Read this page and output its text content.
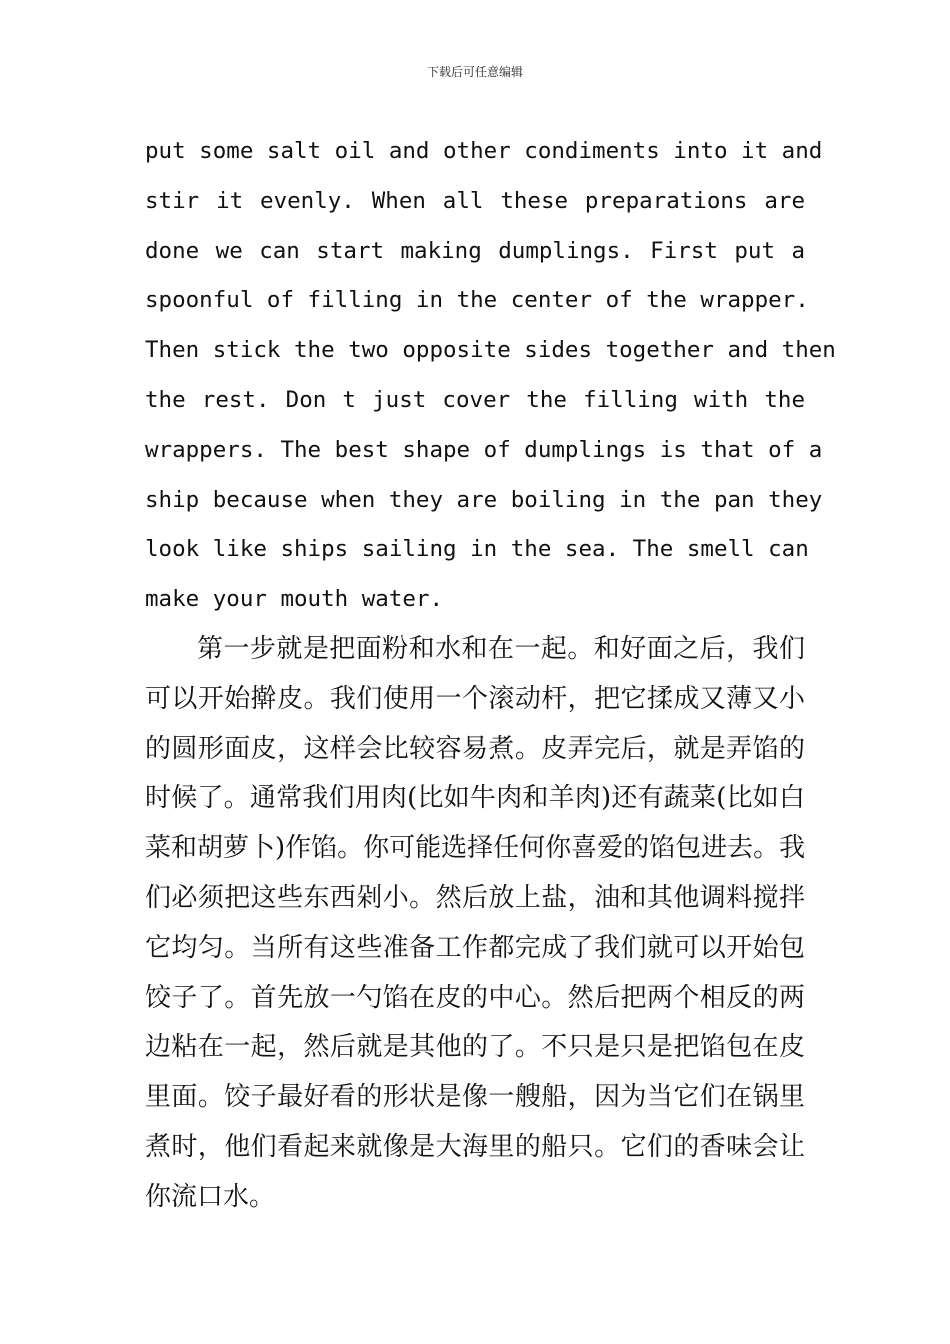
下载后可任意编辑
put some salt oil and other condiments into it and
stir it evenly. When all these preparations are
done we can start making dumplings. First put a
spoonful of filling in the center of the wrapper.
Then stick the two opposite sides together and then
the rest. Don t just cover the filling with the
wrappers. The best shape of dumplings is that of a
ship because when they are boiling in the pan they
look like ships sailing in the sea. The smell can
make your mouth water.
第一步就是把面粉和水和在一起。和好面之后，我们
可以开始擀皮。我们使用一个滚动杆，把它揉成又薄又小
的圆形面皮，这样会比较容易煮。皮弄完后，就是弄馅的
时候了。通常我们用肉(比如牛肉和羊肉)还有蔬菜(比如白
菜和胡萝卜)作馅。你可能选择任何你喜爱的馅包进去。我
们必须把这些东西剁小。然后放上盐，油和其他调料搅拌
它均匀。当所有这些准备工作都完成了我们就可以开始包
饺子了。首先放一勺馅在皮的中心。然后把两个相反的两
边粘在一起，然后就是其他的了。不只是只是把馅包在皮
里面。饺子最好看的形状是像一艘船，因为当它们在锅里
煮时，他们看起来就像是大海里的船只。它们的香味会让
你流口水。
